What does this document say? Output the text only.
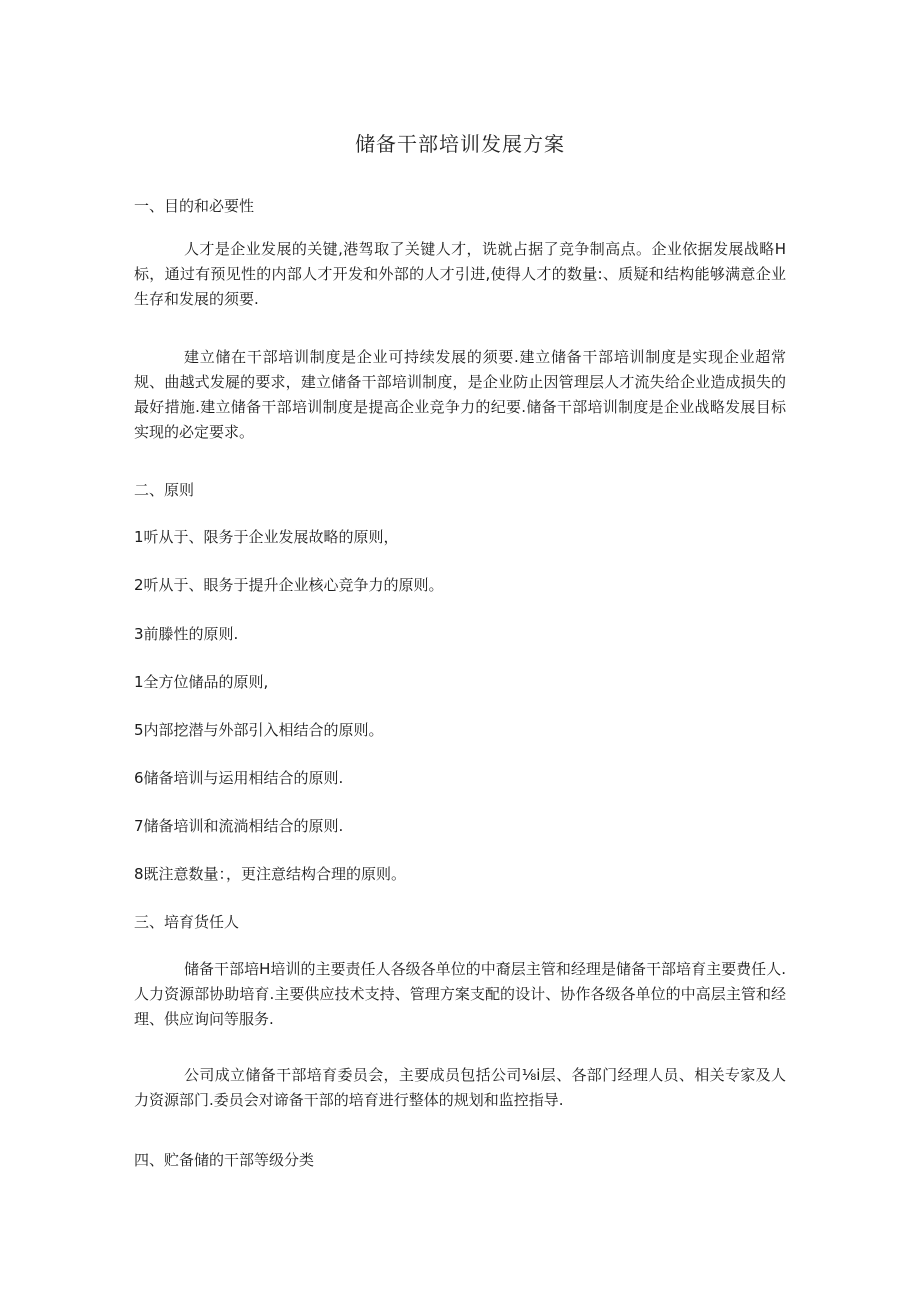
储备干部培训发展方案
一、目的和必要性
人才是企业发展的关键,港驾取了关键人才，诜就占据了竞争制高点。企业依据发展战略H标，通过有预见性的内部人才开发和外部的人才引进,使得人才的数量:、质疑和结构能够满意企业生存和发展的须要.
建立储在干部培训制度是企业可持续发展的须要.建立储备干部培训制度是实现企业超常规、曲越式发屣的要求，建立储备干部培训制度，是企业防止因管理层人才流失给企业造成损失的最好措施.建立储备干部培训制度是提高企业竞争力的纪要.储备干部培训制度是企业战略发展目标实现的必定要求。
二、原则
1听从于、限务于企业发展故略的原则，
2听从于、眼务于提升企业核心竞争力的原则。
3前滕性的原则.
1全方位储品的原则,
5内部挖潜与外部引入相结合的原则。
6储备培训与运用相结合的原则.
7储备培训和流淌相结合的原则.
8既注意数量：，更注意结构合理的原则。
三、培育货任人
储备干部培H培训的主要责任人各级各单位的中裔层主管和经理是储备干部培育主要费任人.人力资源部协助培育.主要供应技术支持、管理方案支配的设计、协作各级各单位的中高层主管和经理、供应询问等服务.
公司成立储备干部培育委员会，主要成员包括公司⅛i层、各部门经理人员、相关专家及人力资源部门.委员会对谛备干部的培育进行整体的规划和监控指导.
四、贮备储的干部等级分类
